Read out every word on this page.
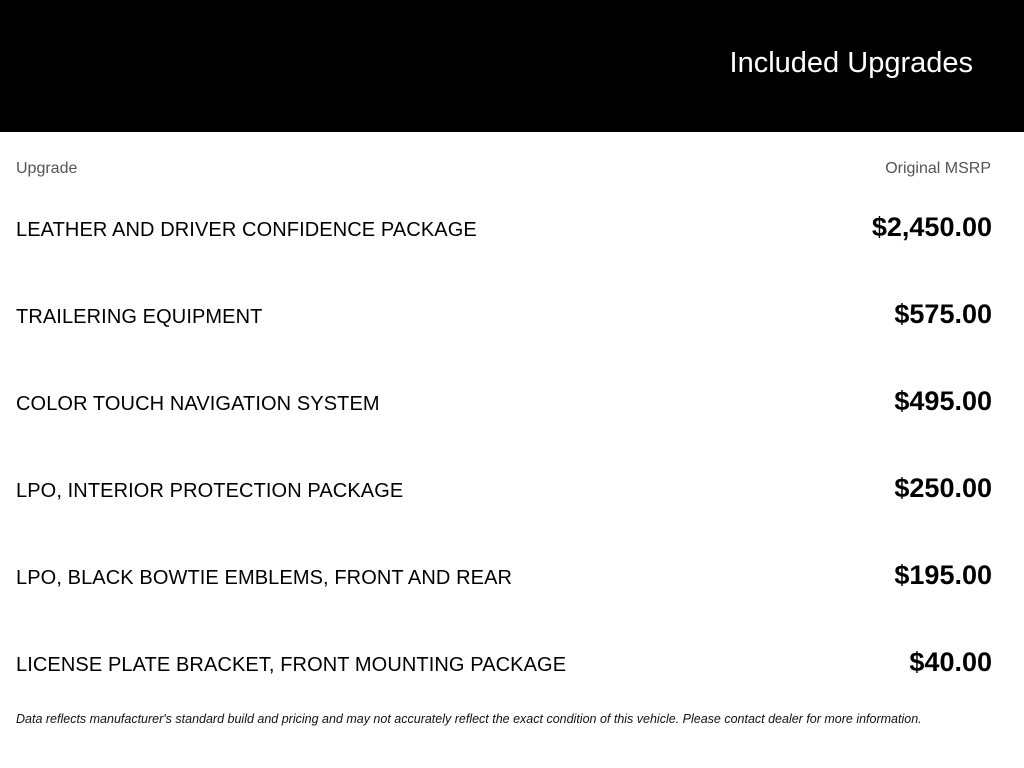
Included Upgrades
Upgrade	Original MSRP
LEATHER AND DRIVER CONFIDENCE PACKAGE	$2,450.00
TRAILERING EQUIPMENT	$575.00
COLOR TOUCH NAVIGATION SYSTEM	$495.00
LPO, INTERIOR PROTECTION PACKAGE	$250.00
LPO, BLACK BOWTIE EMBLEMS, FRONT AND REAR	$195.00
LICENSE PLATE BRACKET, FRONT MOUNTING PACKAGE	$40.00
Data reflects manufacturer's standard build and pricing and may not accurately reflect the exact condition of this vehicle. Please contact dealer for more information.
